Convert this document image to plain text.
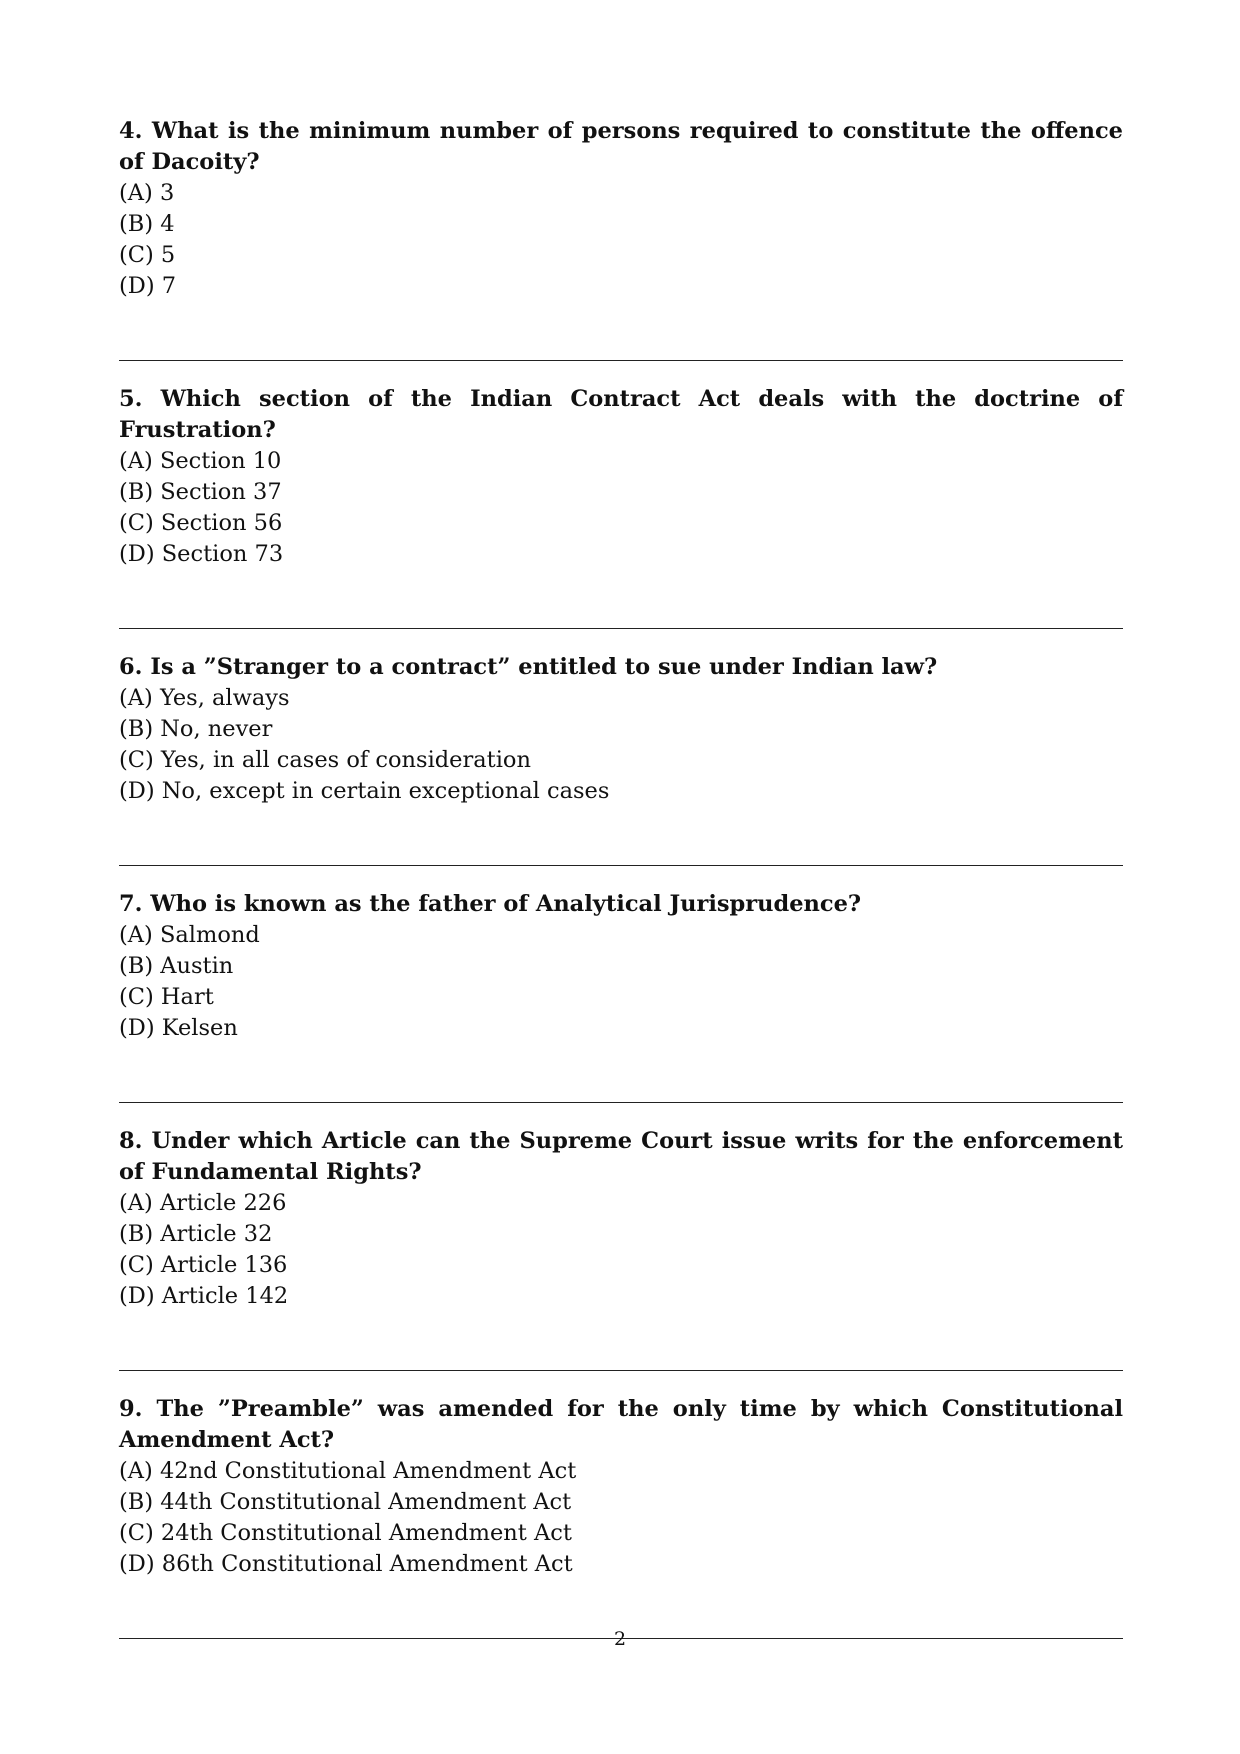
4. What is the minimum number of persons required to constitute the offence of Dacoity?

(A) 3
(B) 4
(C) 5
(D) 7

5. Which section of the Indian Contract Act deals with the doctrine of Frustration?

(A) Section 10
(B) Section 37
(C) Section 56
(D) Section 73

6. Is a ”Stranger to a contract” entitled to sue under Indian law?

(A) Yes, always
(B) No, never
(C) Yes, in all cases of consideration
(D) No, except in certain exceptional cases

7. Who is known as the father of Analytical Jurisprudence?

(A) Salmond
(B) Austin
(C) Hart
(D) Kelsen

8. Under which Article can the Supreme Court issue writs for the enforcement of Fundamental Rights?

(A) Article 226
(B) Article 32
(C) Article 136
(D) Article 142

9. The ”Preamble” was amended for the only time by which Constitutional Amendment Act?

(A) 42nd Constitutional Amendment Act
(B) 44th Constitutional Amendment Act
(C) 24th Constitutional Amendment Act
(D) 86th Constitutional Amendment Act
2
